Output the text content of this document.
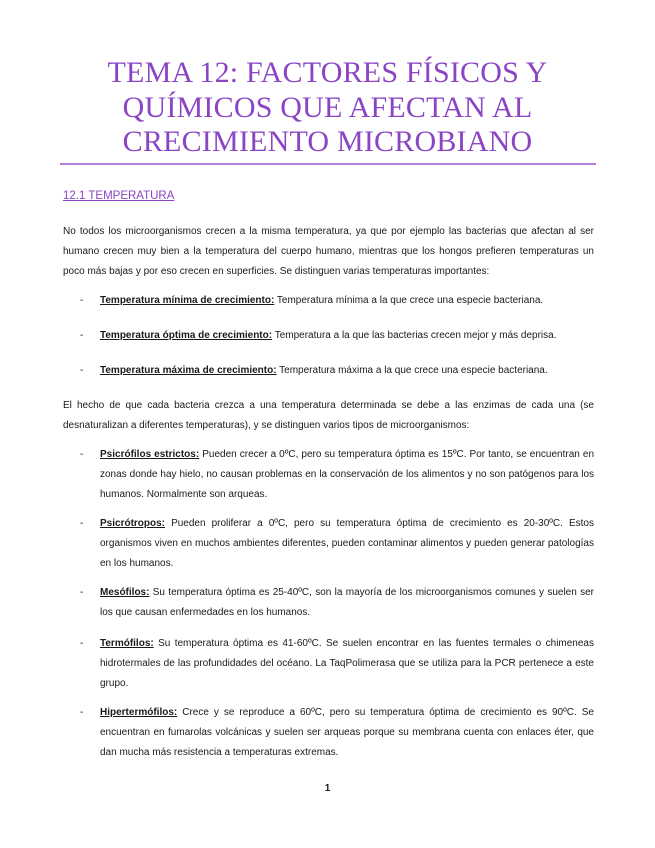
TEMA 12: FACTORES FÍSICOS Y
QUÍMICOS QUE AFECTAN AL
CRECIMIENTO MICROBIANO
12.1 TEMPERATURA
No todos los microorganismos crecen a la misma temperatura, ya que por ejemplo las bacterias que afectan al ser humano crecen muy bien a la temperatura del cuerpo humano, mientras que los hongos prefieren temperaturas un poco más bajas y por eso crecen en superficies. Se distinguen varias temperaturas importantes:
- Temperatura mínima de crecimiento: Temperatura mínima a la que crece una especie bacteriana.
- Temperatura óptima de crecimiento: Temperatura a la que las bacterias crecen mejor y más deprisa.
- Temperatura máxima de crecimiento: Temperatura máxima a la que crece una especie bacteriana.
El hecho de que cada bacteria crezca a una temperatura determinada se debe a las enzimas de cada una (se desnaturalizan a diferentes temperaturas), y se distinguen varios tipos de microorganismos:
- Psicrófilos estrictos: Pueden crecer a 0ºC, pero su temperatura óptima es 15ºC. Por tanto, se encuentran en zonas donde hay hielo, no causan problemas en la conservación de los alimentos y no son patógenos para los humanos. Normalmente son arqueas.
- Psicrótropos: Pueden proliferar a 0ºC, pero su temperatura óptima de crecimiento es 20-30ºC. Estos organismos viven en muchos ambientes diferentes, pueden contaminar alimentos y pueden generar patologías en los humanos.
- Mesófilos: Su temperatura óptima es 25-40ºC, son la mayoría de los microorganismos comunes y suelen ser los que causan enfermedades en los humanos.
- Termófilos: Su temperatura óptima es 41-60ºC. Se suelen encontrar en las fuentes termales o chimeneas hidrotermales de las profundidades del océano. La TaqPolimerasa que se utiliza para la PCR pertenece a este grupo.
- Hipertermófilos: Crece y se reproduce a 60ºC, pero su temperatura óptima de crecimiento es 90ºC. Se encuentran en fumarolas volcánicas y suelen ser arqueas porque su membrana cuenta con enlaces éter, que dan mucha más resistencia a temperaturas extremas.
1
